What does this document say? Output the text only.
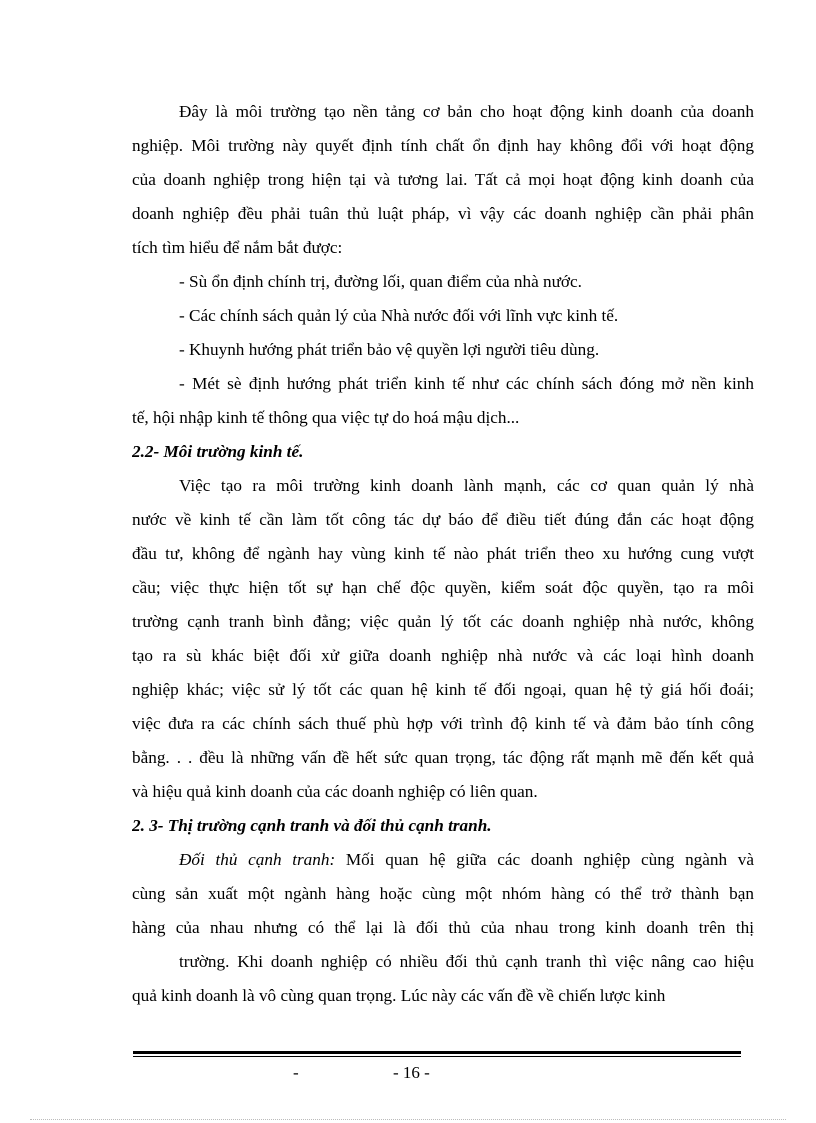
Đây là môi trường tạo nền tảng cơ bản cho hoạt động kinh doanh của doanh
nghiệp. Môi trường này quyết định tính chất ổn định hay không đổi với hoạt động
của doanh nghiệp trong hiện tại và tương lai. Tất cả mọi hoạt động kinh doanh của
doanh nghiệp đều phải tuân thủ luật pháp, vì vậy các doanh nghiệp cần phải phân
tích tìm hiểu để nắm bắt được:
- Sù ổn định chính trị, đường lối, quan điểm của nhà nước.
- Các chính sách quản lý của Nhà nước đối với lĩnh vực kinh tế.
- Khuynh hướng phát triển bảo vệ quyền lợi người tiêu dùng.
- Mét sè định hướng phát triển kinh tế như các chính sách đóng mở nền kinh
tế, hội nhập kinh tế thông qua việc tự do hoá mậu dịch...
2.2- Môi trường kinh tế.
Việc tạo ra môi trường kinh doanh lành mạnh, các cơ quan quản lý nhà
nước về kinh tế cần làm tốt công tác dự báo để điều tiết đúng đắn các hoạt động
đầu tư, không để ngành hay vùng kinh tế nào phát triển theo xu hướng cung vượt
cầu; việc thực hiện tốt sự hạn chế độc quyền, kiểm soát độc quyền, tạo ra môi
trường cạnh tranh bình đẳng; việc quản lý tốt các doanh nghiệp nhà nước, không
tạo ra sù khác biệt đối xử giữa doanh nghiệp nhà nước và các loại hình doanh
nghiệp khác; việc sử lý tốt các quan hệ kinh tế đối ngoại, quan hệ tỷ giá hối đoái;
việc đưa ra các chính sách thuế phù hợp với trình độ kinh tế và đảm bảo tính công
bằng. . . đều là những vấn đề hết sức quan trọng, tác động rất mạnh mẽ đến kết quả
và hiệu quả kinh doanh của các doanh nghiệp có liên quan.
2. 3- Thị trường cạnh tranh và đối thủ cạnh tranh.
Đối thủ cạnh tranh: Mối quan hệ giữa các doanh nghiệp cùng ngành và
cùng sản xuất một ngành hàng hoặc cùng một nhóm hàng có thể trở thành bạn
hàng của nhau nhưng có thể lại là đối thủ của nhau trong kinh doanh trên thị
trường. Khi doanh nghiệp có nhiều đối thủ cạnh tranh thì việc nâng cao hiệu
quả kinh doanh là vô cùng quan trọng. Lúc này các vấn đề về chiến lược kinh
-	- 16 -
